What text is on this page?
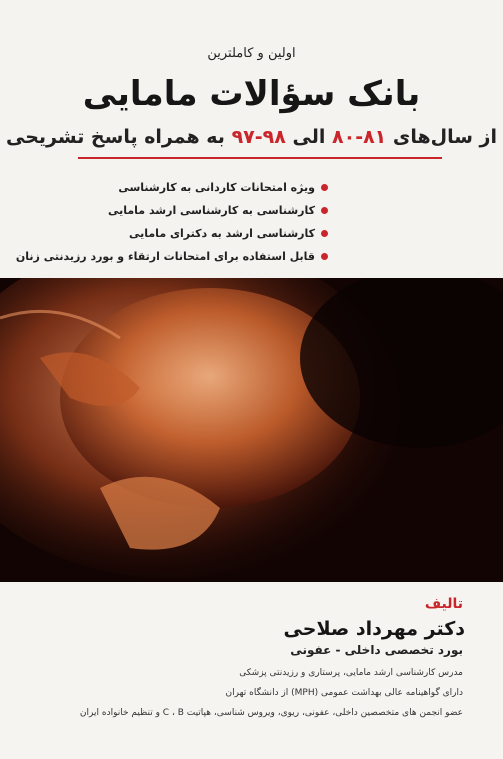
اولین و کاملترین
بانک سؤالات مامایی
از سال‌های ۸۱-۸۰ الی ۹۸-۹۷ به همراه پاسخ تشریحی
ویژه امتحانات کاردانی به کارشناسی
کارشناسی به کارشناسی ارشد مامایی
کارشناسی ارشد به دکترای مامایی
قابل استفاده برای امتحانات ارتقاء و بورد رزیدنتی زنان
تالیف
دکتر مهرداد صلاحی
بورد تخصصی داخلی - عفونی
مدرس کارشناسی ارشد مامایی، پرستاری و رزیدنتی پزشکی
دارای گواهینامه عالی بهداشت عمومی (MPH) از دانشگاه تهران
عضو انجمن های متخصصین داخلی، عفونی، ریوی، ویروس شناسی، هپاتیت C ، B و تنظیم خانواده ایران
